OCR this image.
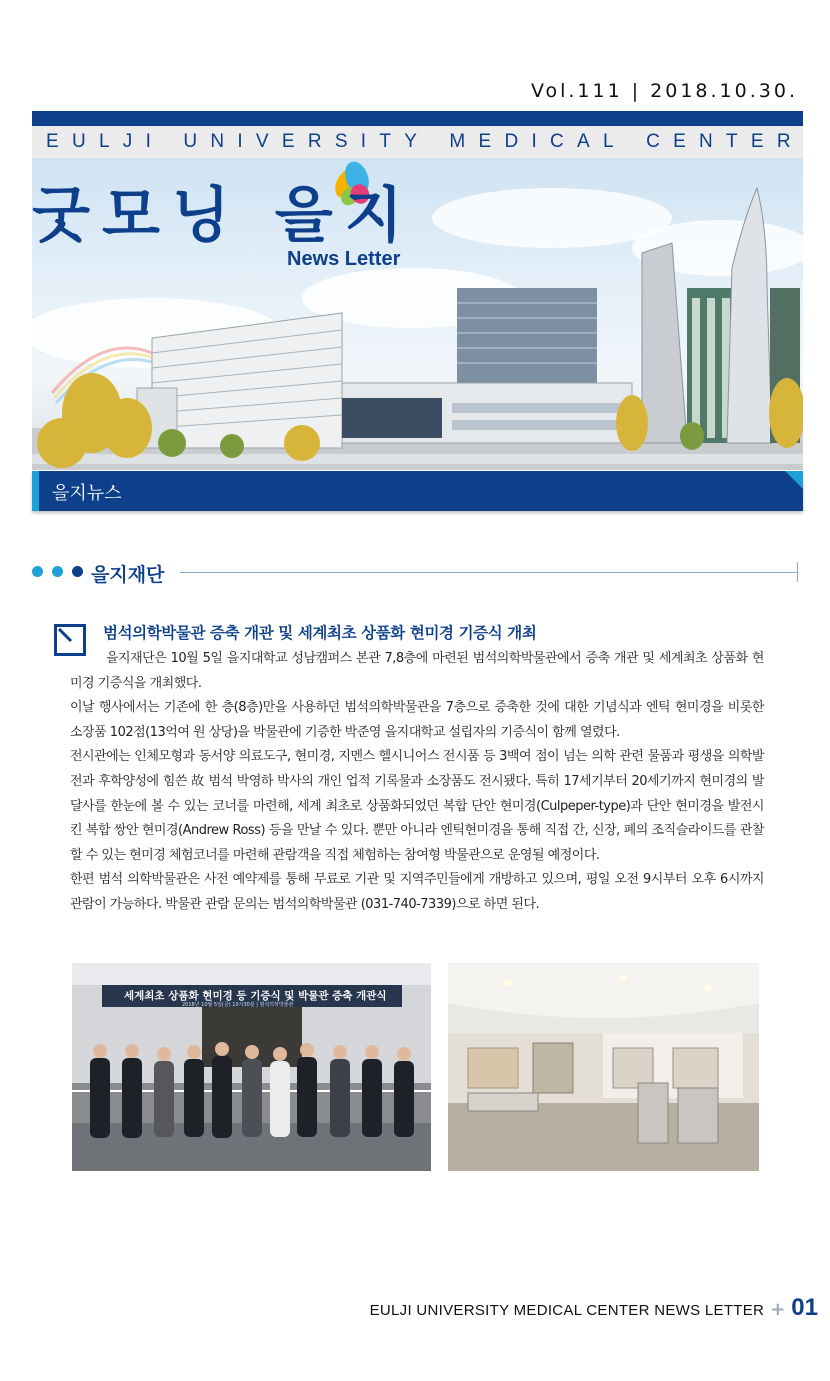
Vol.111 | 2018.10.30.
E U L J I U N I V E R S I T Y M E D I C A L C E N T E R
굿모닝 을지
News Letter
을지뉴스
을지재단
범석의학박물관 증축 개관 및 세계최초 상품화 현미경 기증식 개최

을지재단은 10월 5일 을지대학교 성남캠퍼스 본관 7,8층에 마련된 범석의학박물관에서 증축 개관 및 세계최초 상품화 현미경 기증식을 개최했다.

이날 행사에서는 기존에 한 층(8층)만을 사용하던 범석의학박물관을 7층으로 증축한 것에 대한 기념식과 엔틱 현미경을 비롯한 소장품 102점(13억여 원 상당)을 박물관에 기증한 박준영 을지대학교 설립자의 기증식이 함께 열렸다.

전시관에는 인체모형과 동서양 의료도구, 현미경, 지멘스 헬시니어스 전시품 등 3백여 점이 넘는 의학 관련 물품과 평생을 의학발전과 후학양성에 힘쓴 故 범석 박영하 박사의 개인 업적 기록물과 소장품도 전시됐다. 특히 17세기부터 20세기까지 현미경의 발달사를 한눈에 볼 수 있는 코너를 마련해, 세계 최초로 상품화되었던 복합 단안 현미경(Culpeper-type)과 단안 현미경을 발전시킨 복합 쌍안 현미경(Andrew Ross) 등을 만날 수 있다. 뿐만 아니라 엔틱현미경을 통해 직접 간, 신장, 폐의 조직슬라이드를 관찰할 수 있는 현미경 체험코너를 마련해 관람객을 직접 체험하는 참여형 박물관으로 운영될 예정이다.

한편 범석 의학박물관은 사전 예약제를 통해 무료로 기관 및 지역주민들에게 개방하고 있으며, 평일 오전 9시부터 오후 6시까지 관람이 가능하다. 박물관 관람 문의는 범석의학박물관 (031-740-7339)으로 하면 된다.

세계최초 상품화 현미경 등 기증식 및 박물관 증축 개관식
2018년 10월 5일(금) 10시30분 | 범석의학박물관
EULJI UNIVERSITY MEDICAL CENTER NEWS LETTER + 01
